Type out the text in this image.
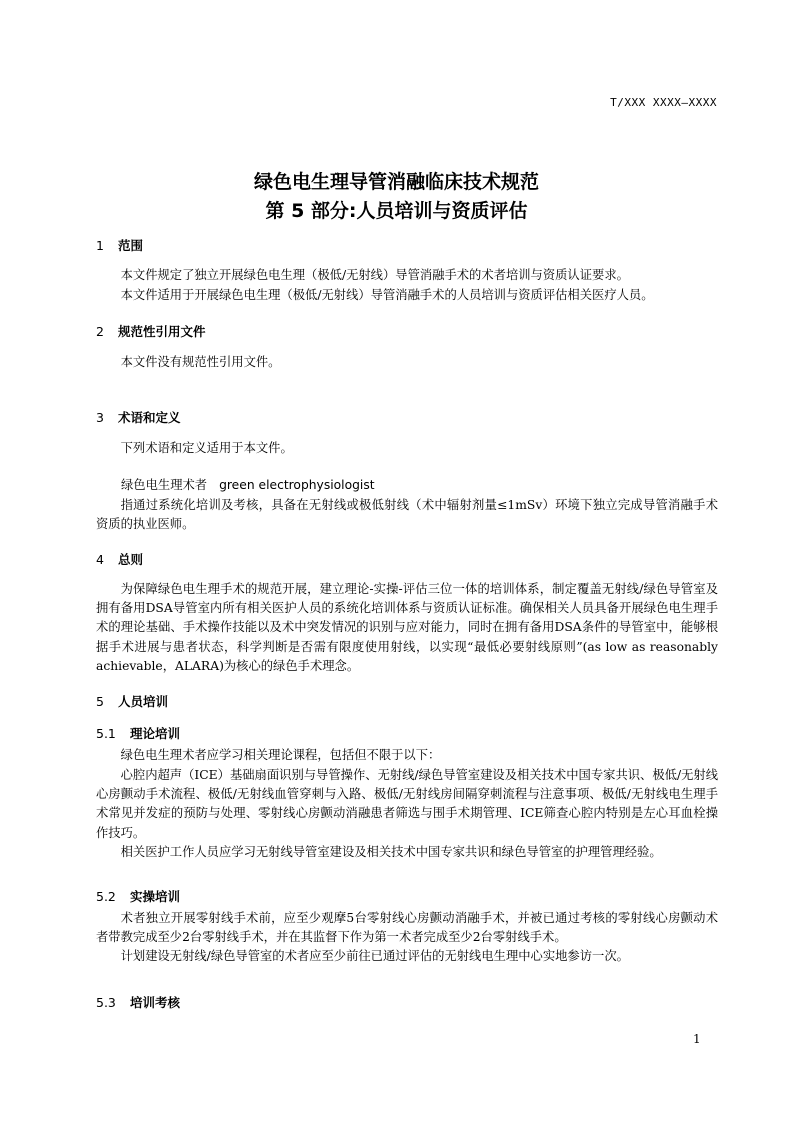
T/XXX XXXX—XXXX
绿色电生理导管消融临床技术规范
第 5 部分:人员培训与资质评估
1 范围
本文件规定了独立开展绿色电生理（极低/无射线）导管消融手术的术者培训与资质认证要求。
本文件适用于开展绿色电生理（极低/无射线）导管消融手术的人员培训与资质评估相关医疗人员。
2 规范性引用文件
本文件没有规范性引用文件。
3 术语和定义
下列术语和定义适用于本文件。
绿色电生理术者 green electrophysiologist
指通过系统化培训及考核，具备在无射线或极低射线（术中辐射剂量≤1mSv）环境下独立完成导管消融手术资质的执业医师。
4 总则
为保障绿色电生理手术的规范开展，建立理论-实操-评估三位一体的培训体系，制定覆盖无射线/绿色导管室及拥有备用DSA导管室内所有相关医护人员的系统化培训体系与资质认证标准。确保相关人员具备开展绿色电生理手术的理论基础、手术操作技能以及术中突发情况的识别与应对能力，同时在拥有备用DSA条件的导管室中，能够根据手术进展与患者状态，科学判断是否需有限度使用射线，以实现“最低必要射线原则”(as low as reasonably achievable，ALARA)为核心的绿色手术理念。
5 人员培训
5.1 理论培训
绿色电生理术者应学习相关理论课程，包括但不限于以下：
心腔内超声（ICE）基础扇面识别与导管操作、无射线/绿色导管室建设及相关技术中国专家共识、极低/无射线心房颤动手术流程、极低/无射线血管穿刺与入路、极低/无射线房间隔穿刺流程与注意事项、极低/无射线电生理手术常见并发症的预防与处理、零射线心房颤动消融患者筛选与围手术期管理、ICE筛查心腔内特别是左心耳血栓操作技巧。
相关医护工作人员应学习无射线导管室建设及相关技术中国专家共识和绿色导管室的护理管理经验。
5.2 实操培训
术者独立开展零射线手术前，应至少观摩5台零射线心房颤动消融手术，并被已通过考核的零射线心房颤动术者带教完成至少2台零射线手术，并在其监督下作为第一术者完成至少2台零射线手术。
计划建设无射线/绿色导管室的术者应至少前往已通过评估的无射线电生理中心实地参访一次。
5.3 培训考核
1
